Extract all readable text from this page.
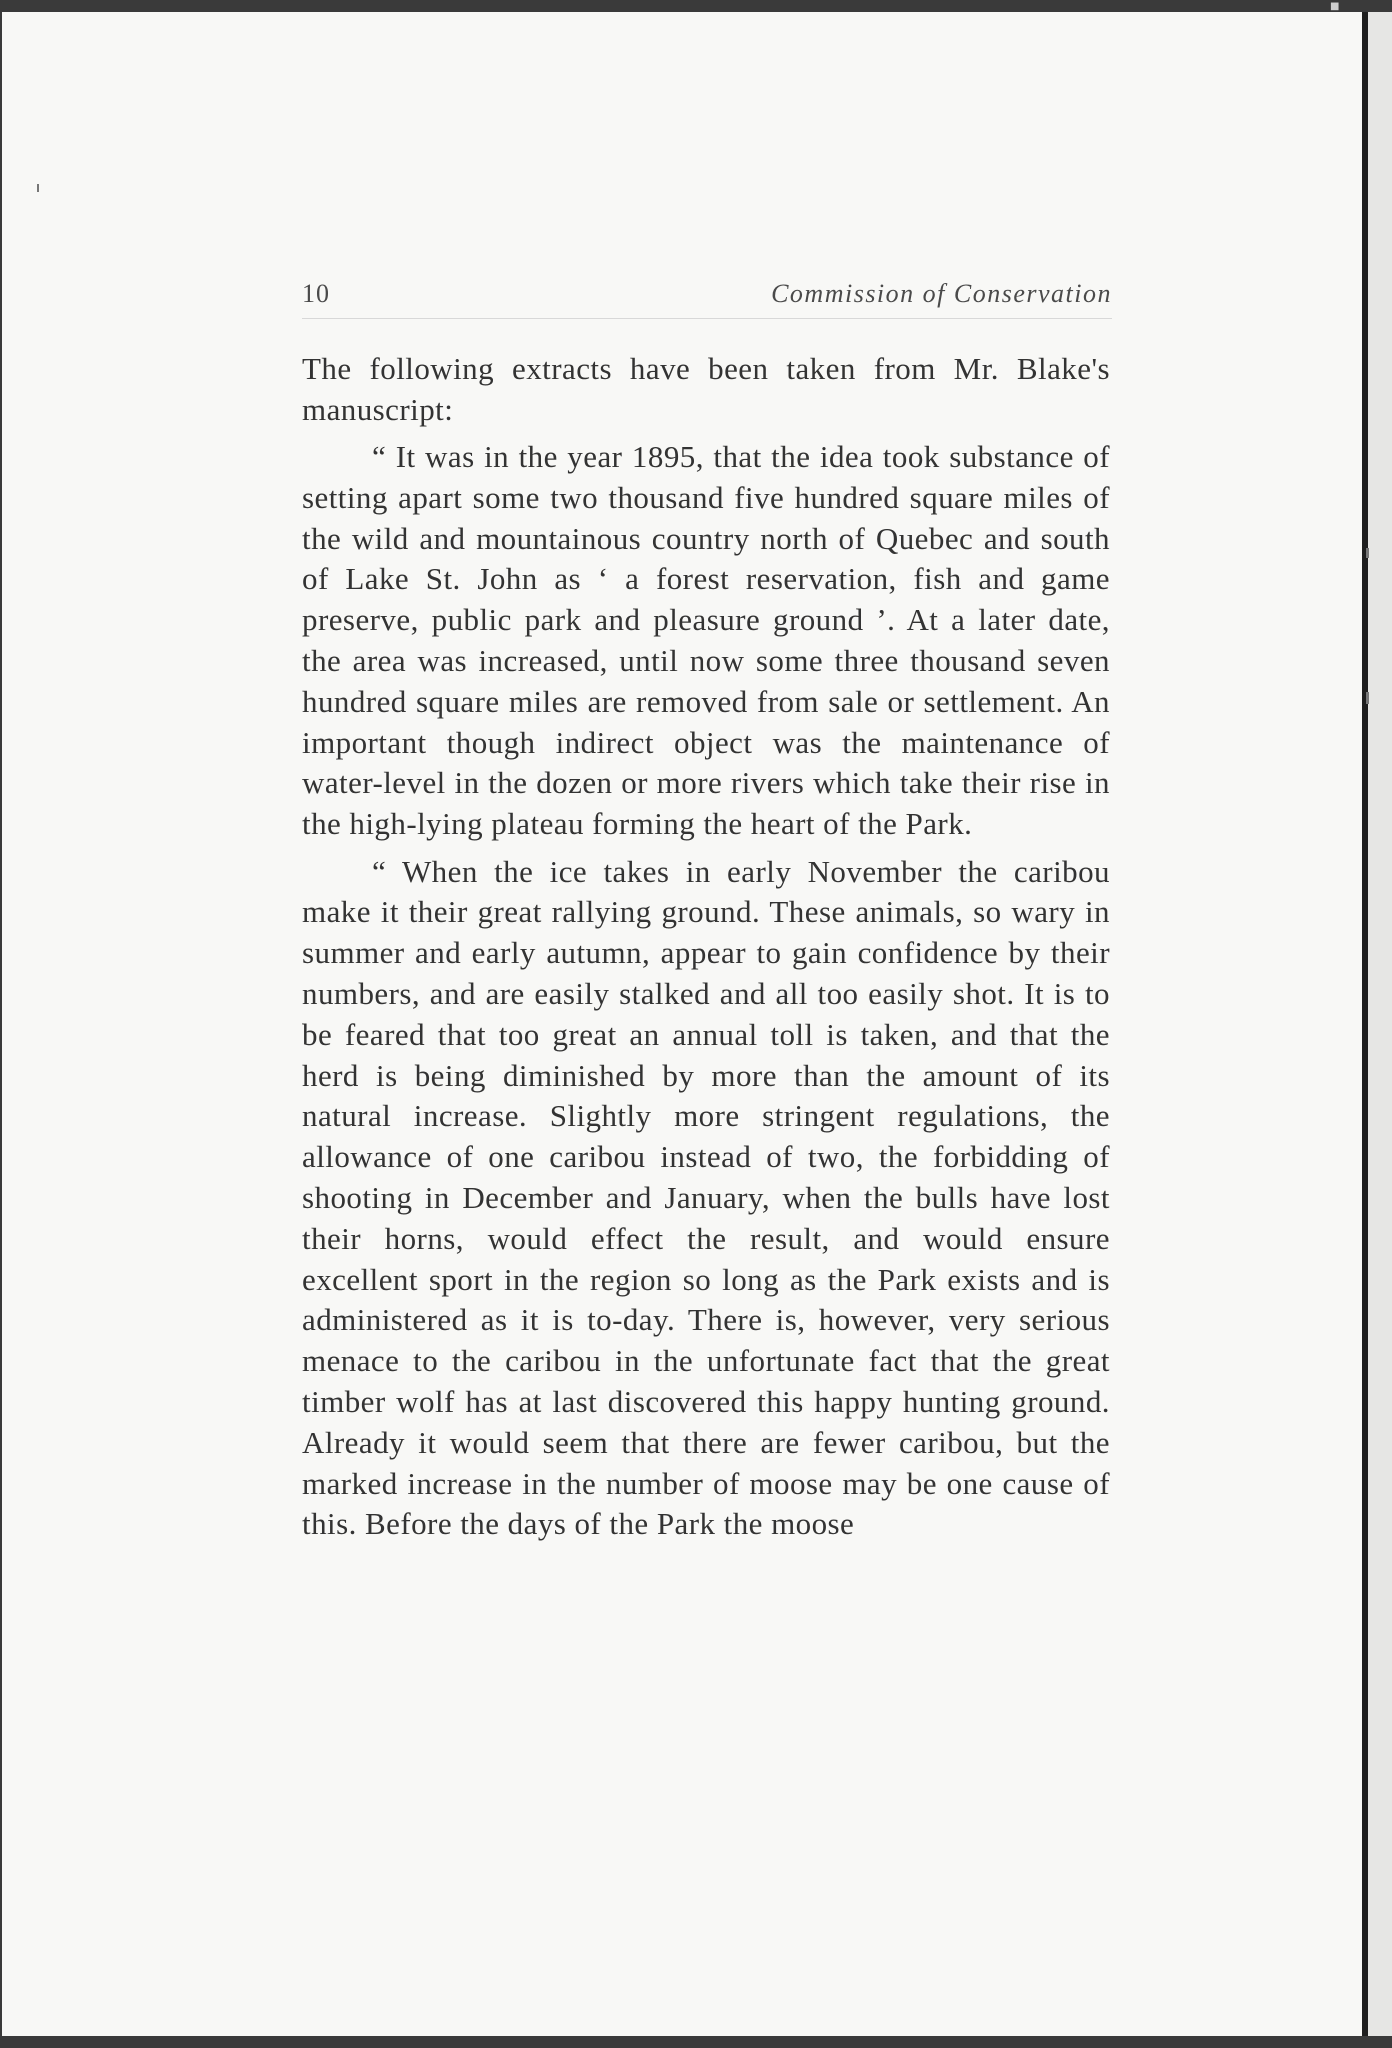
■
10	Commission of Conservation

The following extracts have been taken from Mr. Blake's manuscript:

“ It was in the year 1895, that the idea took substance of setting apart some two thousand five hundred square miles of the wild and mountainous country north of Quebec and south of Lake St. John as ‘ a forest reservation, fish and game preserve, public park and pleasure ground ’. At a later date, the area was increased, until now some three thousand seven hundred square miles are removed from sale or settlement. An important though indirect object was the maintenance of water-level in the dozen or more rivers which take their rise in the high-lying plateau forming the heart of the Park.

“ When the ice takes in early November the caribou make it their great rallying ground. These animals, so wary in summer and early autumn, appear to gain confidence by their numbers, and are easily stalked and all too easily shot. It is to be feared that too great an annual toll is taken, and that the herd is being diminished by more than the amount of its natural increase. Slightly more stringent regulations, the allowance of one caribou instead of two, the forbidding of shooting in December and January, when the bulls have lost their horns, would effect the result, and would ensure excellent sport in the region so long as the Park exists and is administered as it is to-day. There is, however, very serious menace to the caribou in the unfortunate fact that the great timber wolf has at last discovered this happy hunting ground. Already it would seem that there are fewer caribou, but the marked increase in the number of moose may be one cause of this. Before the days of the Park the moose
